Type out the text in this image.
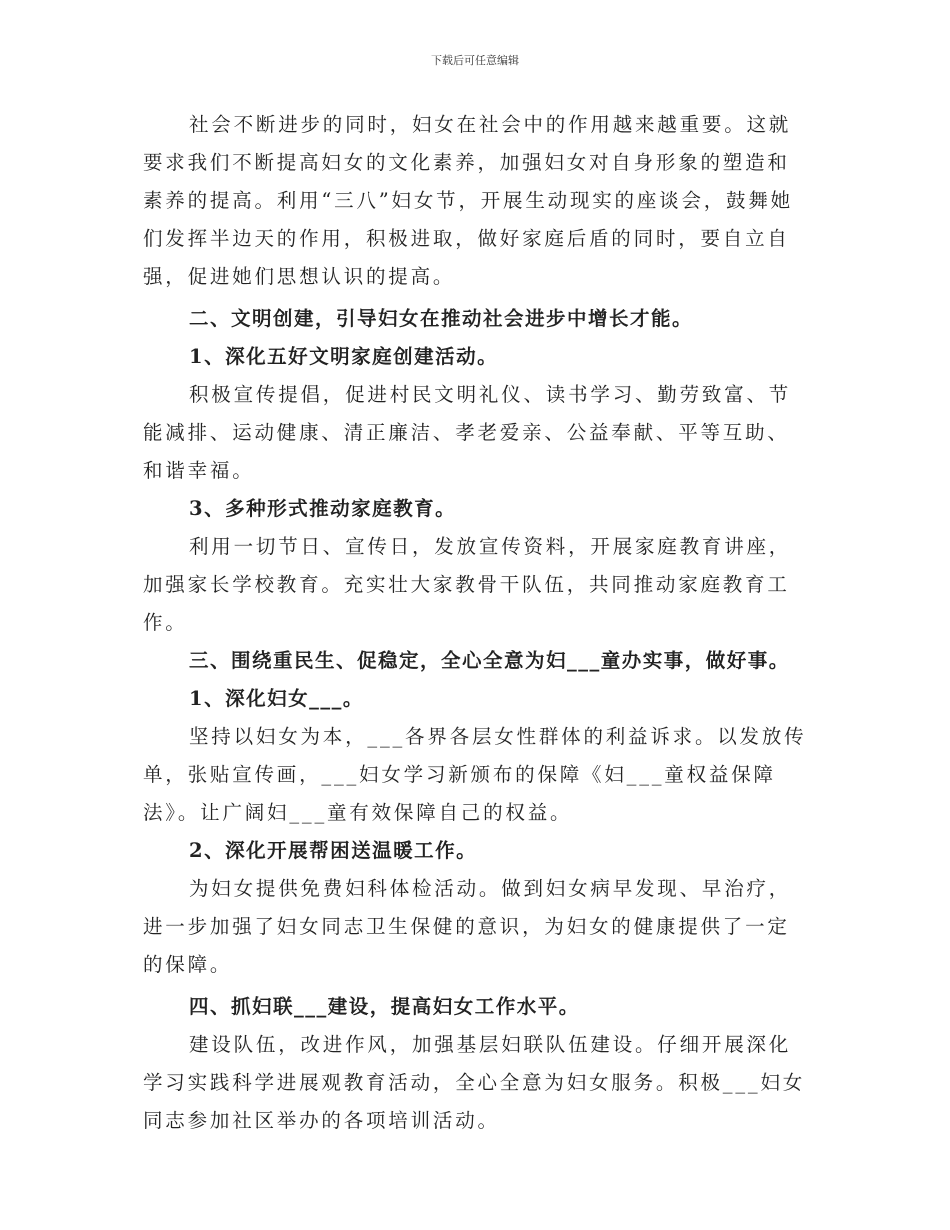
下载后可任意编辑

社会不断进步的同时，妇女在社会中的作用越来越重要。这就要求我们不断提高妇女的文化素养，加强妇女对自身形象的塑造和素养的提高。利用“三八”妇女节，开展生动现实的座谈会，鼓舞她们发挥半边天的作用，积极进取，做好家庭后盾的同时，要自立自强，促进她们思想认识的提高。

二、文明创建，引导妇女在推动社会进步中增长才能。

1、深化五好文明家庭创建活动。

积极宣传提倡，促进村民文明礼仪、读书学习、勤劳致富、节能减排、运动健康、清正廉洁、孝老爱亲、公益奉献、平等互助、和谐幸福。

3、多种形式推动家庭教育。

利用一切节日、宣传日，发放宣传资料，开展家庭教育讲座，加强家长学校教育。充实壮大家教骨干队伍，共同推动家庭教育工作。

三、围绕重民生、促稳定，全心全意为妇___童办实事，做好事。

1、深化妇女___。

坚持以妇女为本，___各界各层女性群体的利益诉求。以发放传单，张贴宣传画，___妇女学习新颁布的保障《妇___童权益保障法》。让广阔妇___童有效保障自己的权益。

2、深化开展帮困送温暖工作。

为妇女提供免费妇科体检活动。做到妇女病早发现、早治疗，进一步加强了妇女同志卫生保健的意识，为妇女的健康提供了一定的保障。

四、抓妇联___建设，提高妇女工作水平。

建设队伍，改进作风，加强基层妇联队伍建设。仔细开展深化学习实践科学进展观教育活动，全心全意为妇女服务。积极___妇女同志参加社区举办的各项培训活动。
